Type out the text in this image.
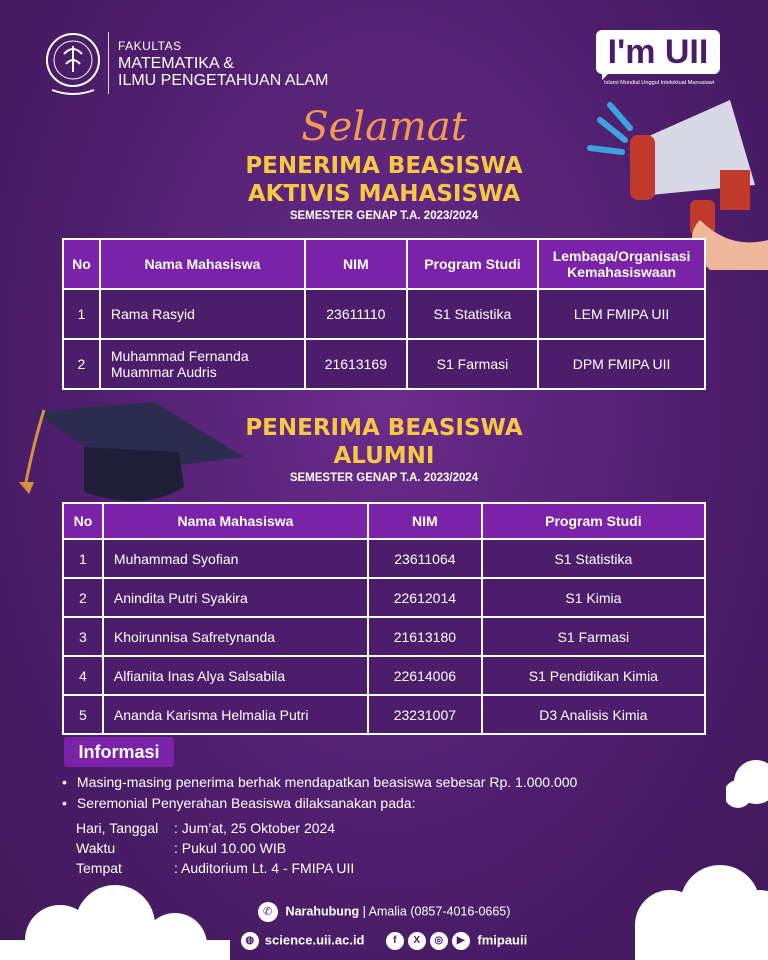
FAKULTAS
MATEMATIKA &
ILMU PENGETAHUAN ALAM
I'm UII
Islami Mondial Unggul Intelektual Manusiawi
Selamat
PENERIMA BEASISWA
AKTIVIS MAHASISWA
SEMESTER GENAP T.A. 2023/2024
No	Nama Mahasiswa	NIM	Program Studi	Lembaga/Organisasi Kemahasiswaan
1	Rama Rasyid	23611110	S1 Statistika	LEM FMIPA UII
2	Muhammad Fernanda Muammar Audris	21613169	S1 Farmasi	DPM FMIPA UII
PENERIMA BEASISWA
ALUMNI
SEMESTER GENAP T.A. 2023/2024
No	Nama Mahasiswa	NIM	Program Studi
1	Muhammad Syofian	23611064	S1 Statistika
2	Anindita Putri Syakira	22612014	S1 Kimia
3	Khoirunnisa Safretynanda	21613180	S1 Farmasi
4	Alfianita Inas Alya Salsabila	22614006	S1 Pendidikan Kimia
5	Ananda Karisma Helmalia Putri	23231007	D3 Analisis Kimia
Informasi
• Masing-masing penerima berhak mendapatkan beasiswa sebesar Rp. 1.000.000
• Seremonial Penyerahan Beasiswa dilaksanakan pada:
Hari, Tanggal	: Jum’at, 25 Oktober 2024
Waktu	: Pukul 10.00 WIB
Tempat	: Auditorium Lt. 4 - FMIPA UII
✆ Narahubung | Amalia (0857-4016-0665)
◍ science.uii.ac.id	f X ◎ ▶ fmipauii
